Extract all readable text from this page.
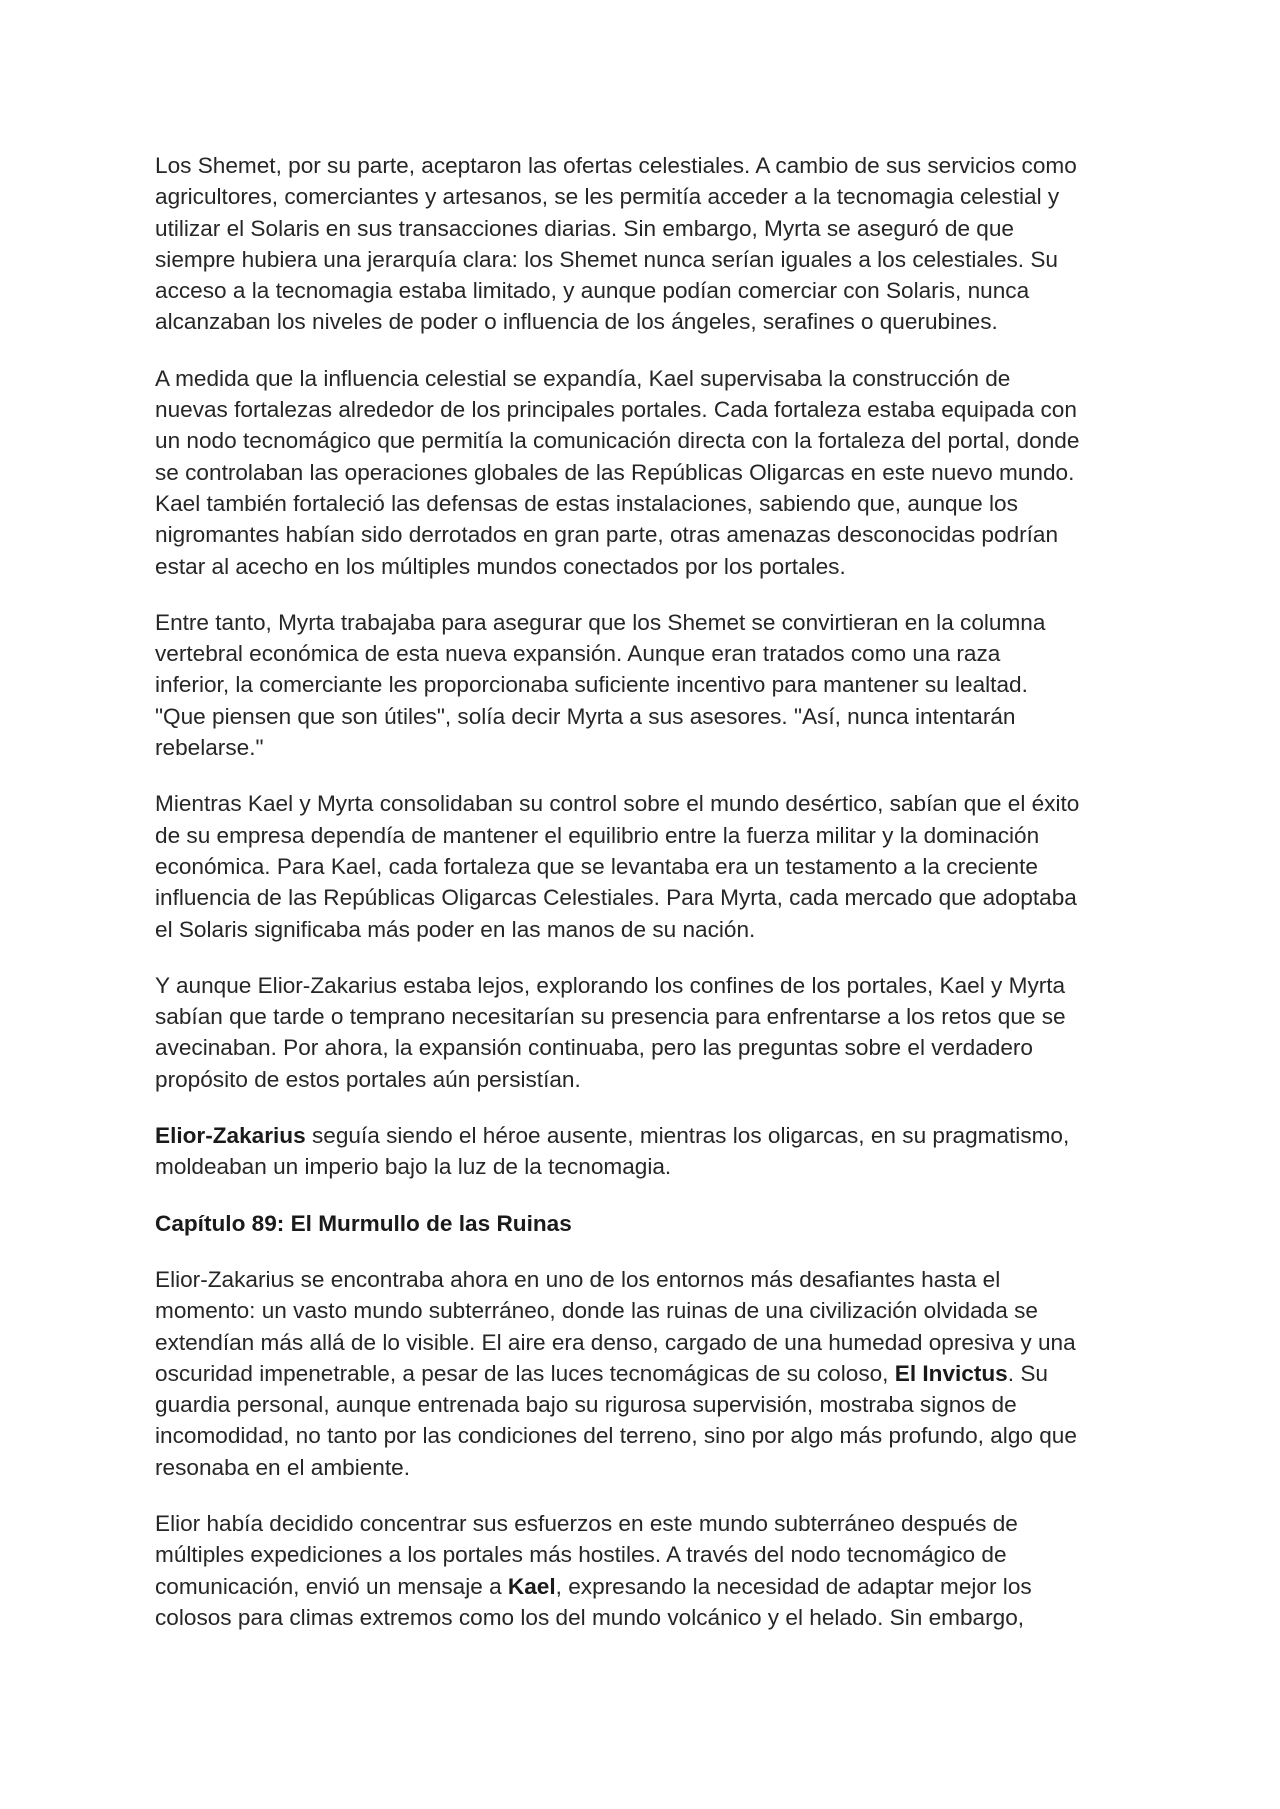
Los Shemet, por su parte, aceptaron las ofertas celestiales. A cambio de sus servicios como
agricultores, comerciantes y artesanos, se les permitía acceder a la tecnomagia celestial y
utilizar el Solaris en sus transacciones diarias. Sin embargo, Myrta se aseguró de que
siempre hubiera una jerarquía clara: los Shemet nunca serían iguales a los celestiales. Su
acceso a la tecnomagia estaba limitado, y aunque podían comerciar con Solaris, nunca
alcanzaban los niveles de poder o influencia de los ángeles, serafines o querubines.

A medida que la influencia celestial se expandía, Kael supervisaba la construcción de
nuevas fortalezas alrededor de los principales portales. Cada fortaleza estaba equipada con
un nodo tecnomágico que permitía la comunicación directa con la fortaleza del portal, donde
se controlaban las operaciones globales de las Repúblicas Oligarcas en este nuevo mundo.
Kael también fortaleció las defensas de estas instalaciones, sabiendo que, aunque los
nigromantes habían sido derrotados en gran parte, otras amenazas desconocidas podrían
estar al acecho en los múltiples mundos conectados por los portales.

Entre tanto, Myrta trabajaba para asegurar que los Shemet se convirtieran en la columna
vertebral económica de esta nueva expansión. Aunque eran tratados como una raza
inferior, la comerciante les proporcionaba suficiente incentivo para mantener su lealtad.
"Que piensen que son útiles", solía decir Myrta a sus asesores. "Así, nunca intentarán
rebelarse."

Mientras Kael y Myrta consolidaban su control sobre el mundo desértico, sabían que el éxito
de su empresa dependía de mantener el equilibrio entre la fuerza militar y la dominación
económica. Para Kael, cada fortaleza que se levantaba era un testamento a la creciente
influencia de las Repúblicas Oligarcas Celestiales. Para Myrta, cada mercado que adoptaba
el Solaris significaba más poder en las manos de su nación.

Y aunque Elior-Zakarius estaba lejos, explorando los confines de los portales, Kael y Myrta
sabían que tarde o temprano necesitarían su presencia para enfrentarse a los retos que se
avecinaban. Por ahora, la expansión continuaba, pero las preguntas sobre el verdadero
propósito de estos portales aún persistían.

Elior-Zakarius seguía siendo el héroe ausente, mientras los oligarcas, en su pragmatismo,
moldeaban un imperio bajo la luz de la tecnomagia.

Capítulo 89: El Murmullo de las Ruinas

Elior-Zakarius se encontraba ahora en uno de los entornos más desafiantes hasta el
momento: un vasto mundo subterráneo, donde las ruinas de una civilización olvidada se
extendían más allá de lo visible. El aire era denso, cargado de una humedad opresiva y una
oscuridad impenetrable, a pesar de las luces tecnomágicas de su coloso, El Invictus. Su
guardia personal, aunque entrenada bajo su rigurosa supervisión, mostraba signos de
incomodidad, no tanto por las condiciones del terreno, sino por algo más profundo, algo que
resonaba en el ambiente.

Elior había decidido concentrar sus esfuerzos en este mundo subterráneo después de
múltiples expediciones a los portales más hostiles. A través del nodo tecnomágico de
comunicación, envió un mensaje a Kael, expresando la necesidad de adaptar mejor los
colosos para climas extremos como los del mundo volcánico y el helado. Sin embargo,
